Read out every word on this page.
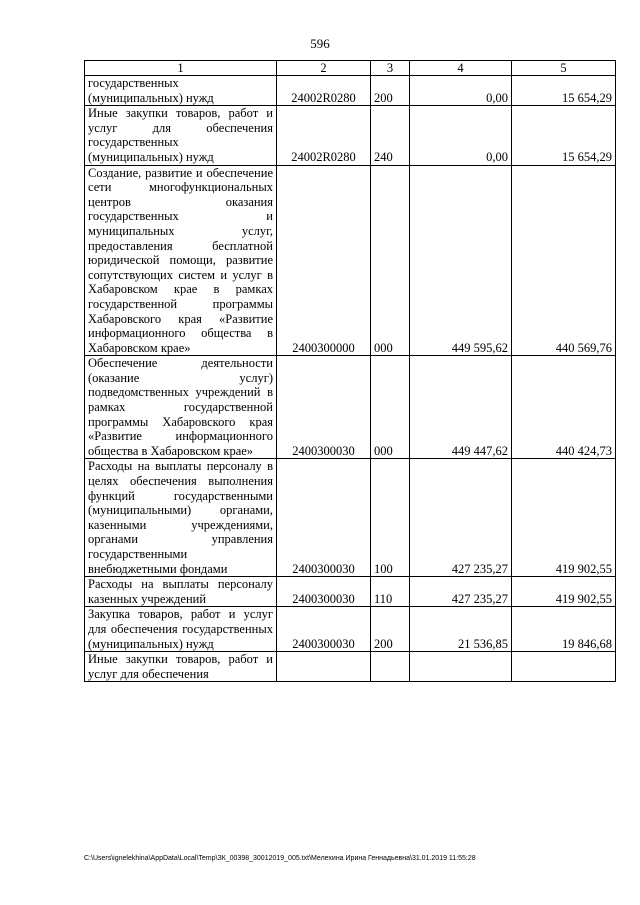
596
1	2	3	4	5
государственных (муниципальных) нужд	24002R0280	200	0,00	15 654,29
Иные закупки товаров, работ и услуг для обеспечения государственных (муниципальных) нужд	24002R0280	240	0,00	15 654,29
Создание, развитие и обеспечение сети многофункциональных центров оказания государственных и муниципальных услуг, предоставления бесплатной юридической помощи, развитие сопутствующих систем и услуг в Хабаровском крае в рамках государственной программы Хабаровского края «Развитие информационного общества в Хабаровском крае»	2400300000	000	449 595,62	440 569,76
Обеспечение деятельности (оказание услуг) подведомственных учреждений в рамках государственной программы Хабаровского края «Развитие информационного общества в Хабаровском крае»	2400300030	000	449 447,62	440 424,73
Расходы на выплаты персоналу в целях обеспечения выполнения функций государственными (муниципальными) органами, казенными учреждениями, органами управления государственными внебюджетными фондами	2400300030	100	427 235,27	419 902,55
Расходы на выплаты персоналу казенных учреждений	2400300030	110	427 235,27	419 902,55
Закупка товаров, работ и услуг для обеспечения государственных (муниципальных) нужд	2400300030	200	21 536,85	19 846,68
Иные закупки товаров, работ и услуг для обеспечения				
C:\Users\ignelekhina\AppData\Local\Temp\ЗК_00398_30012019_005.txt\Мелехина Ирина Геннадьевна\31.01.2019 11:55:28
